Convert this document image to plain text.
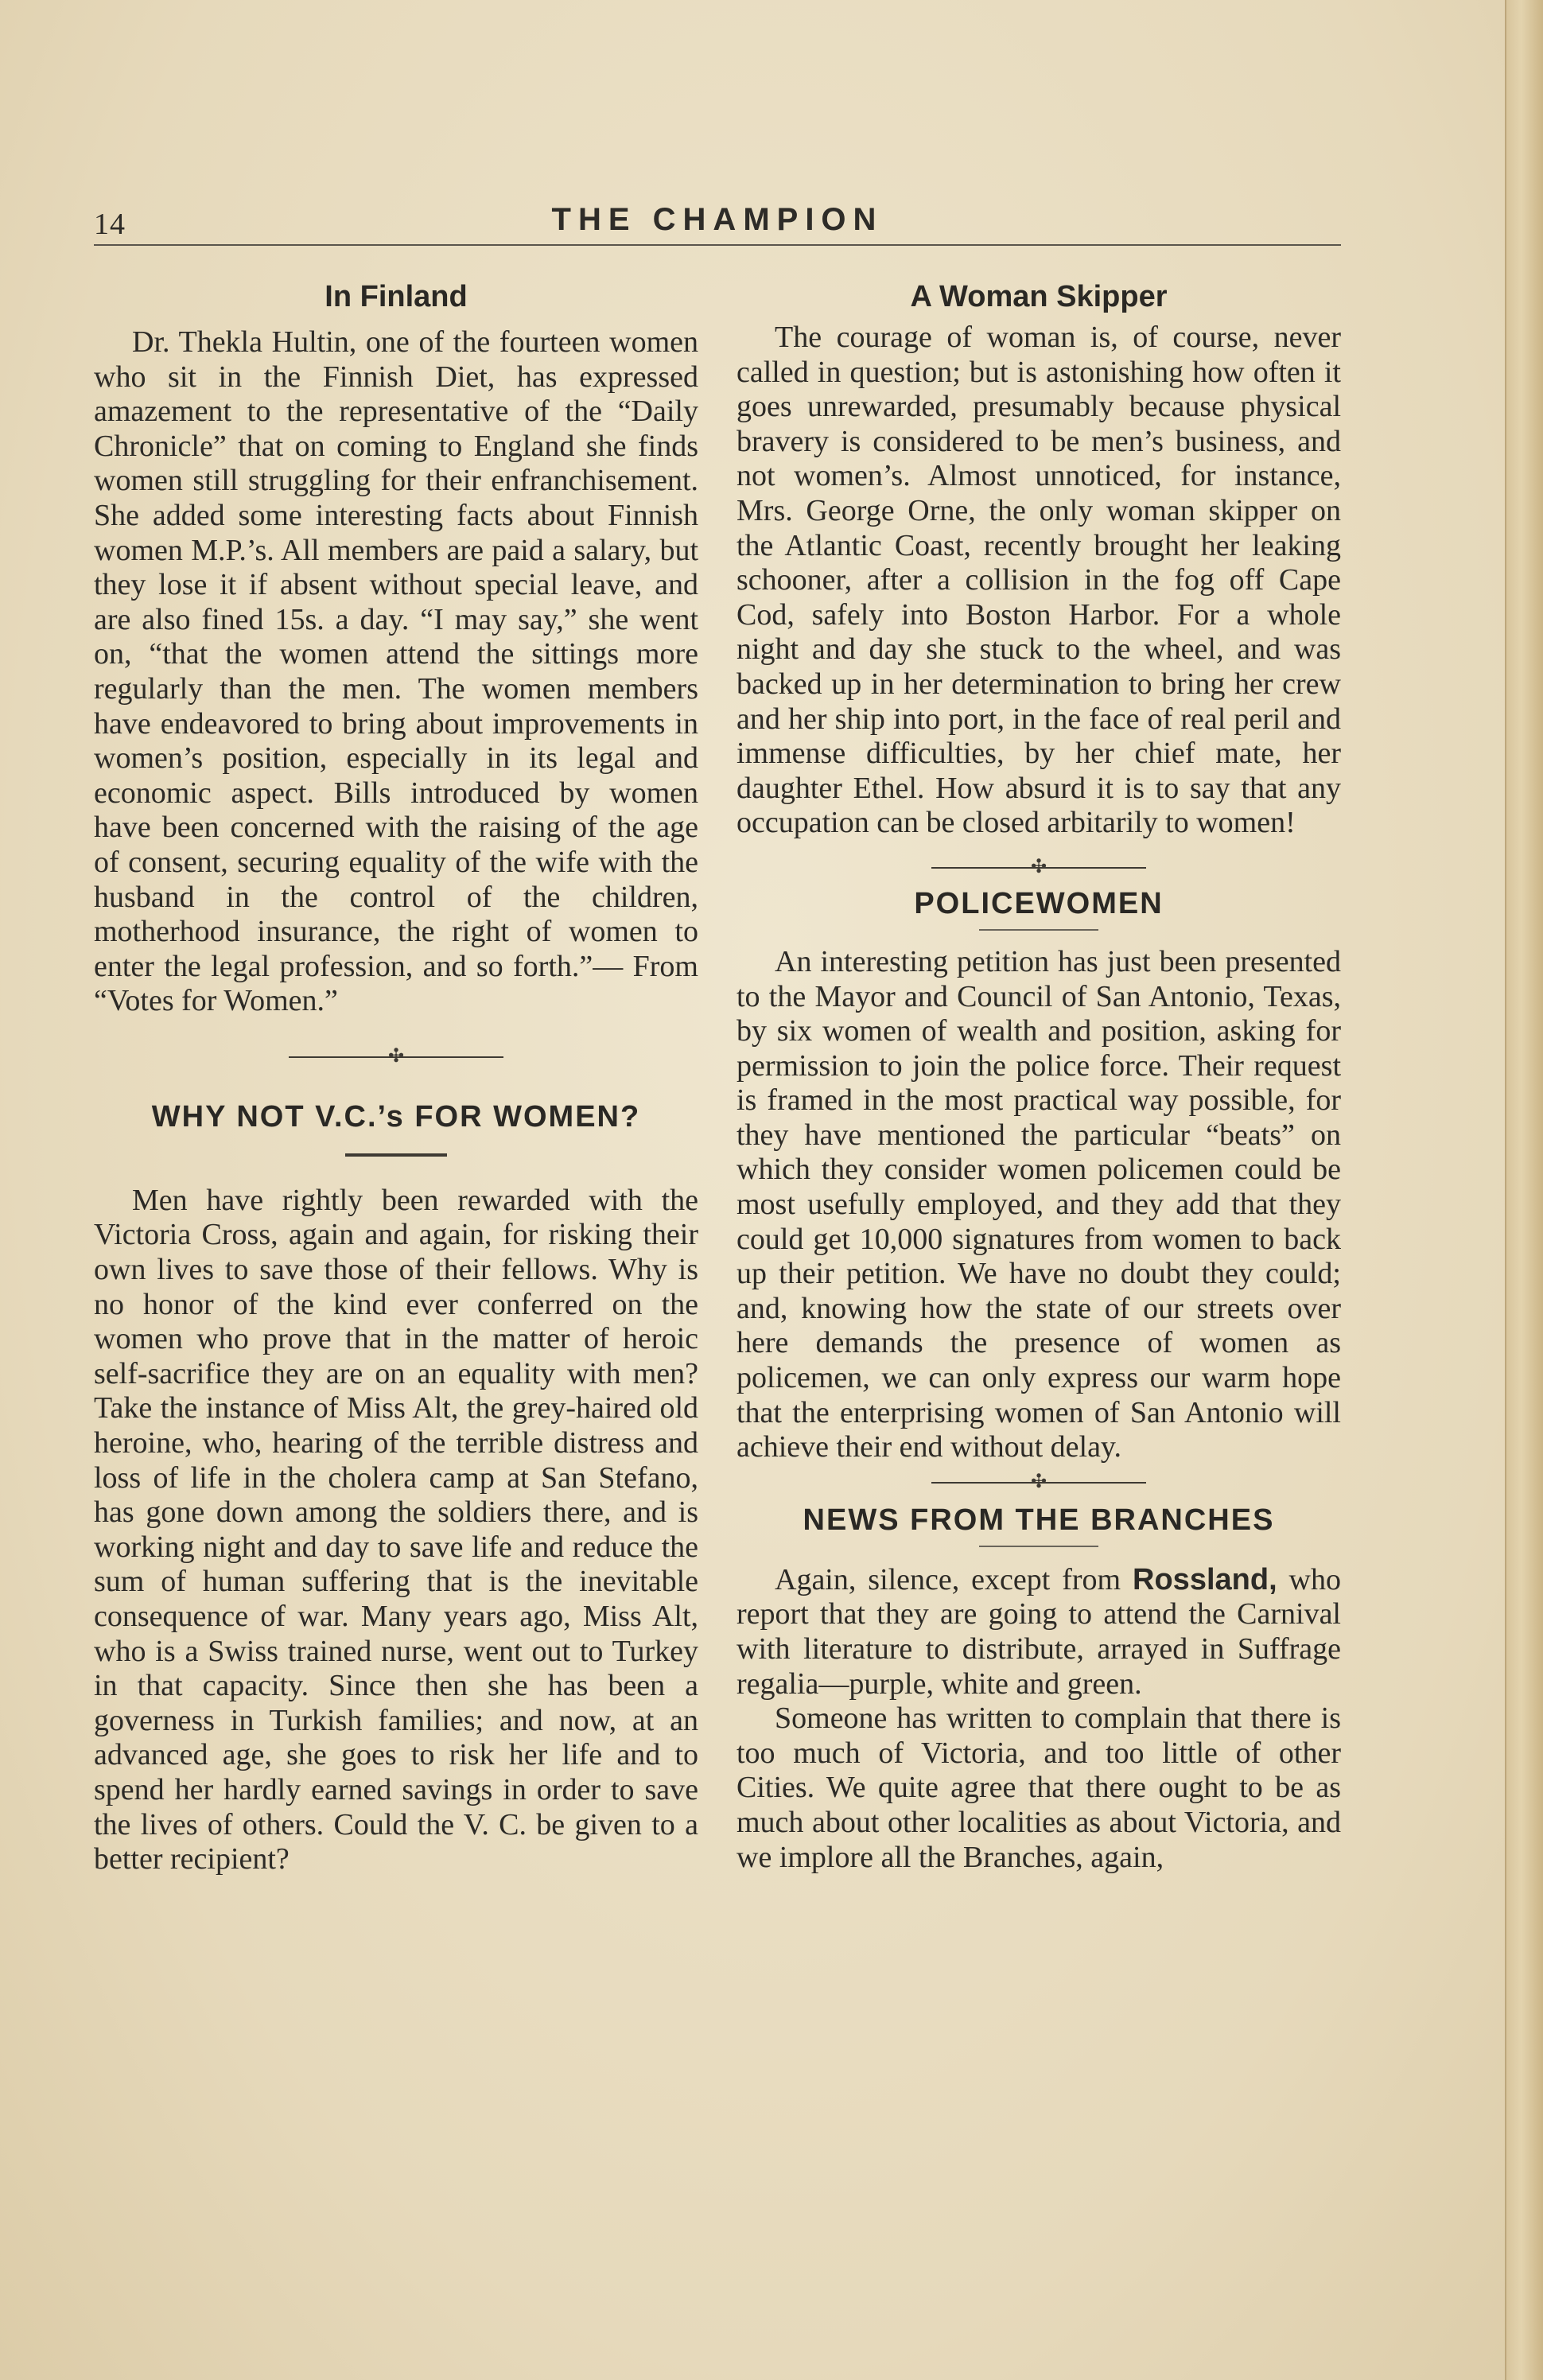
14	THE CHAMPION
In Finland

Dr. Thekla Hultin, one of the fourteen women who sit in the Finnish Diet, has expressed amazement to the representative of the “Daily Chronicle” that on coming to England she finds women still struggling for their enfranchisement. She added some interesting facts about Finnish women M.P.’s. All members are paid a salary, but they lose it if absent without special leave, and are also fined 15s. a day. “I may say,” she went on, “that the women attend the sittings more regularly than the men. The women members have endeavored to bring about improvements in women’s position, especially in its legal and economic aspect. Bills introduced by women have been concerned with the raising of the age of consent, securing equality of the wife with the husband in the control of the children, motherhood insurance, the right of women to enter the legal profession, and so forth.”— From “Votes for Women.”

✣
WHY NOT V.C.’s FOR WOMEN?

Men have rightly been rewarded with the Victoria Cross, again and again, for risking their own lives to save those of their fellows. Why is no honor of the kind ever conferred on the women who prove that in the matter of heroic self-sacrifice they are on an equality with men? Take the instance of Miss Alt, the grey-haired old heroine, who, hearing of the terrible distress and loss of life in the cholera camp at San Stefano, has gone down among the soldiers there, and is working night and day to save life and reduce the sum of human suffering that is the inevitable consequence of war. Many years ago, Miss Alt, who is a Swiss trained nurse, went out to Turkey in that capacity. Since then she has been a governess in Turkish families; and now, at an advanced age, she goes to risk her life and to spend her hardly earned savings in order to save the lives of others. Could the V. C. be given to a better recipient?

A Woman Skipper

The courage of woman is, of course, never called in question; but is astonishing how often it goes unrewarded, presumably because physical bravery is considered to be men’s business, and not women’s. Almost unnoticed, for instance, Mrs. George Orne, the only woman skipper on the Atlantic Coast, recently brought her leaking schooner, after a collision in the fog off Cape Cod, safely into Boston Harbor. For a whole night and day she stuck to the wheel, and was backed up in her determination to bring her crew and her ship into port, in the face of real peril and immense difficulties, by her chief mate, her daughter Ethel. How absurd it is to say that any occupation can be closed arbitarily to women!

✣
POLICEWOMEN

An interesting petition has just been presented to the Mayor and Council of San Antonio, Texas, by six women of wealth and position, asking for permission to join the police force. Their request is framed in the most practical way possible, for they have mentioned the particular “beats” on which they consider women policemen could be most usefully employed, and they add that they could get 10,000 signatures from women to back up their petition. We have no doubt they could; and, knowing how the state of our streets over here demands the presence of women as policemen, we can only express our warm hope that the enterprising women of San Antonio will achieve their end without delay.

✣
NEWS FROM THE BRANCHES

Again, silence, except from Rossland, who report that they are going to attend the Carnival with literature to distribute, arrayed in Suffrage regalia—purple, white and green.

Someone has written to complain that there is too much of Victoria, and too little of other Cities. We quite agree that there ought to be as much about other localities as about Victoria, and we implore all the Branches, again,
